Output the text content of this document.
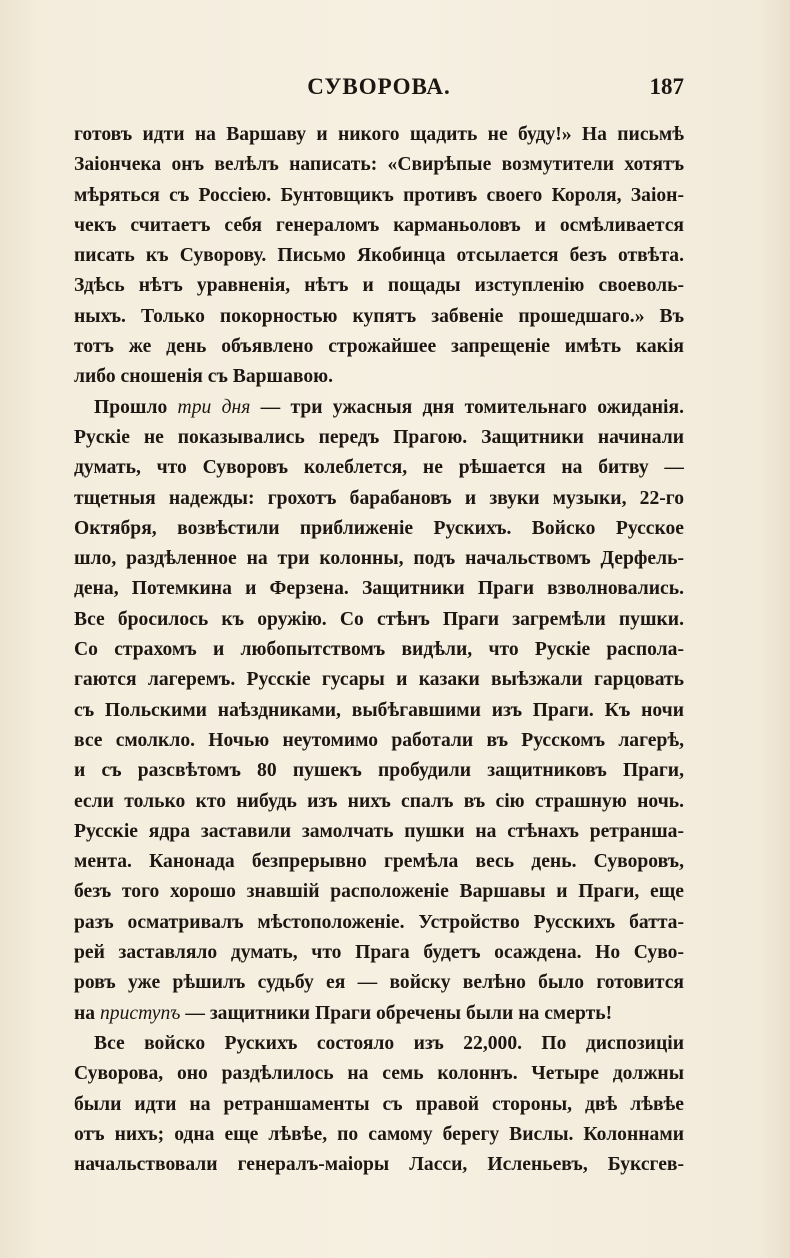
СУВОРОВА.	187
готовъ идти на Варшаву и никого щадить не буду!» На письмѣ
Заіончека онъ велѣлъ написать: «Свирѣпые возмутители хотятъ
мѣряться съ Россіею. Бунтовщикъ противъ своего Короля, Заіон-
чекъ считаетъ себя генераломъ карманьоловъ и осмѣливается
писать къ Суворову. Письмо Якобинца отсылается безъ отвѣта.
Здѣсь нѣтъ уравненія, нѣтъ и пощады изступленію своеволь-
ныхъ. Только покорностью купятъ забвеніе прошедшаго.» Въ
тотъ же день объявлено строжайшее запрещеніе имѣть какія
либо сношенія съ Варшавою.
Прошло три дня — три ужасныя дня томительнаго ожиданія.
Руcкіе не показывались передъ Прагою. Защитники начинали
думать, что Суворовъ колеблется, не рѣшается на битву —
тщетныя надежды: грохотъ барабановъ и звуки музыки, 22-го
Октября, возвѣстили приближеніе Рускихъ. Войско Русское
шло, раздѣленное на три колонны, подъ начальствомъ Дерфель-
дена, Потемкина и Ферзена. Защитники Праги взволновались.
Все бросилось къ оружію. Со стѣнъ Праги загремѣли пушки.
Со страхомъ и любопытствомъ видѣли, что Рускіе распола-
гаются лагеремъ. Русскіе гусары и казаки выѣзжали гарцовать
съ Польскими наѣздниками, выбѣгавшими изъ Праги. Къ ночи
все смолкло. Ночью неутомимо работали въ Русскомъ лагерѣ,
и съ разсвѣтомъ 80 пушекъ пробудили защитниковъ Праги,
если только кто нибудь изъ нихъ спалъ въ сію страшную ночь.
Русскіе ядра заставили замолчать пушки на стѣнахъ ретранша-
мента. Канонада безпрерывно гремѣла весь день. Суворовъ,
безъ того хорошо знавшій расположеніе Варшавы и Праги, еще
разъ осматривалъ мѣстоположеніе. Устройство Русскихъ батта-
рей заставляло думать, что Прага будетъ осаждена. Но Суво-
ровъ уже рѣшилъ судьбу ея — войску велѣно было готовится
на приступъ — защитники Праги обречены были на смерть!
Все войско Рускихъ состояло изъ 22,000. По диспозиціи
Суворова, оно раздѣлилось на семь колоннъ. Четыре должны
были идти на ретраншаменты съ правой стороны, двѣ лѣвѣе
отъ нихъ; одна еще лѣвѣе, по самому берегу Вислы. Колоннами
начальствовали генералъ-маіоры Ласси, Исленьевъ, Буксгев-
